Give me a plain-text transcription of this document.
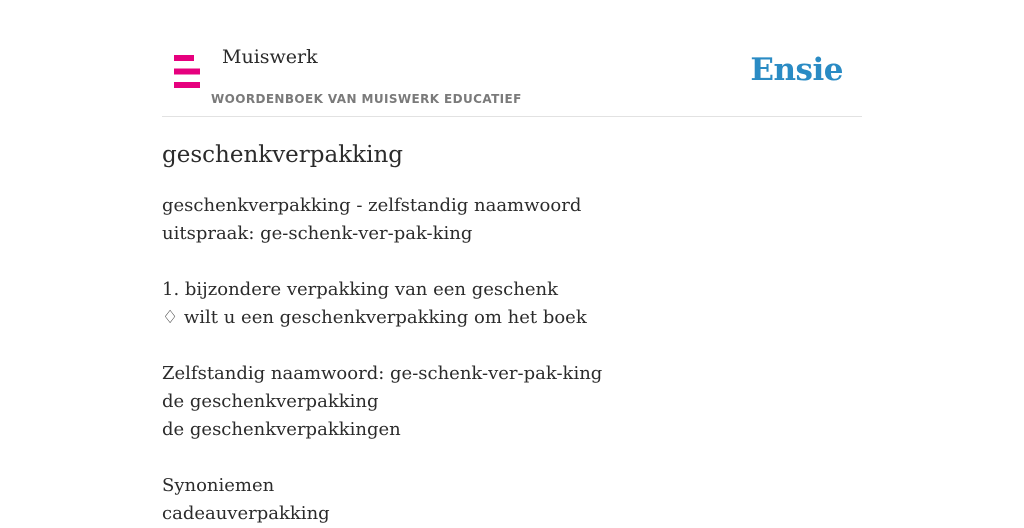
Muiswerk
WOORDENBOEK VAN MUISWERK EDUCATIEF
Ensie
geschenkverpakking
geschenkverpakking - zelfstandig naamwoord
uitspraak: ge-schenk-ver-pak-king
1. bijzondere verpakking van een geschenk
♢ wilt u een geschenkverpakking om het boek
Zelfstandig naamwoord: ge-schenk-ver-pak-king
de geschenkverpakking
de geschenkverpakkingen
Synoniemen
cadeauverpakking
